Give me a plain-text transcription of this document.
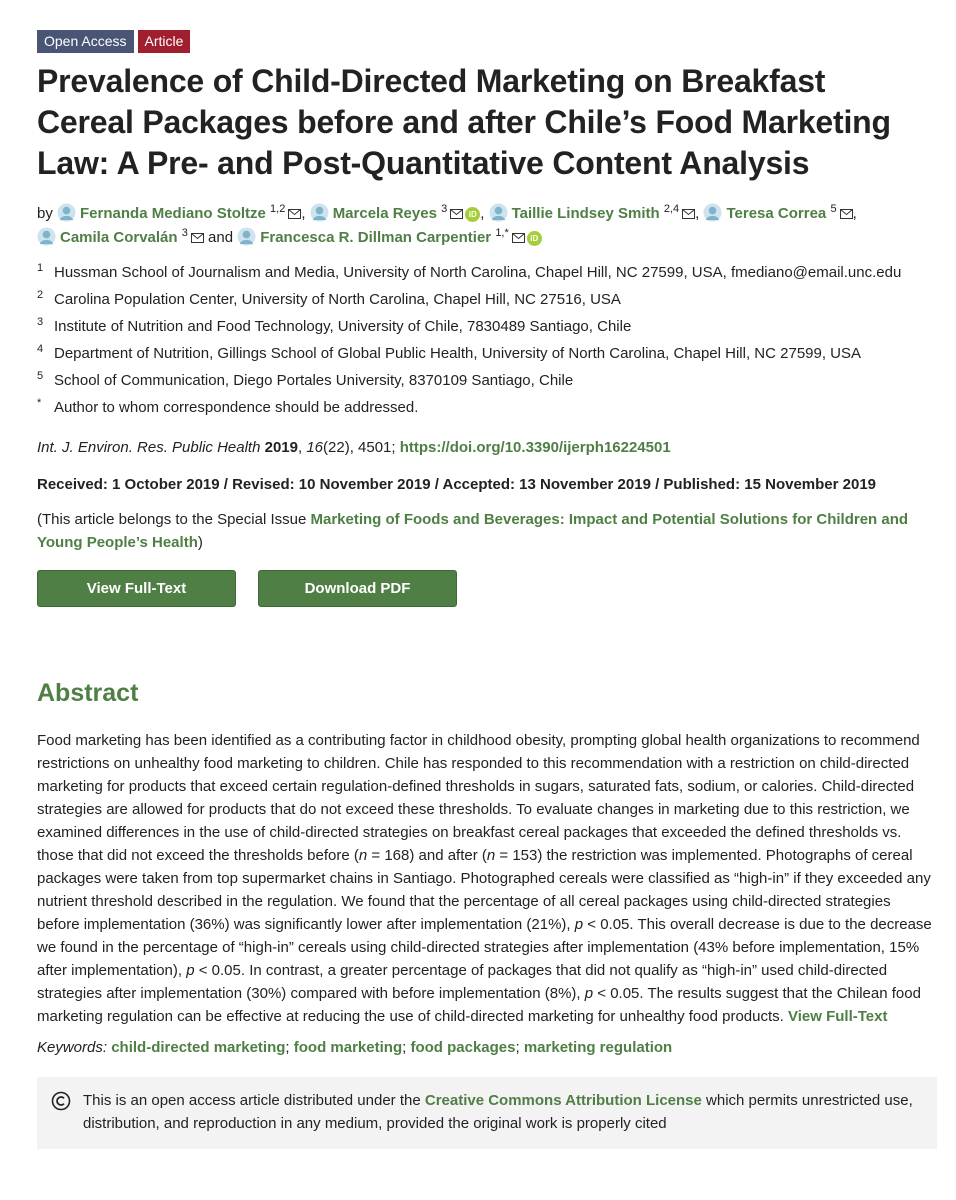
Open Access	Article
Prevalence of Child-Directed Marketing on Breakfast Cereal Packages before and after Chile’s Food Marketing Law: A Pre- and Post-Quantitative Content Analysis
by Fernanda Mediano Stoltze $^{1,2}$ , Marcela Reyes $^3$	iD , Taillie Lindsey Smith $^{2,4}$ , Teresa Correa $^5$ ,
Camila Corvalán $^3$ and Francesca R. Dillman Carpentier $^{1,*}$	iD
1 Hussman School of Journalism and Media, University of North Carolina, Chapel Hill, NC 27599, USA, fmediano@email.unc.edu
2 Carolina Population Center, University of North Carolina, Chapel Hill, NC 27516, USA
3 Institute of Nutrition and Food Technology, University of Chile, 7830489 Santiago, Chile
4 Department of Nutrition, Gillings School of Global Public Health, University of North Carolina, Chapel Hill, NC 27599, USA
5 School of Communication, Diego Portales University, 8370109 Santiago, Chile
* Author to whom correspondence should be addressed.
Int. J. Environ. Res. Public Health 2019, 16(22), 4501; https://doi.org/10.3390/ijerph16224501
Received: 1 October 2019 / Revised: 10 November 2019 / Accepted: 13 November 2019 / Published: 15 November 2019
(This article belongs to the Special Issue Marketing of Foods and Beverages: Impact and Potential Solutions for Children and Young People’s Health)
View Full-Text	Download PDF
Abstract
Food marketing has been identified as a contributing factor in childhood obesity, prompting global health organizations to recommend restrictions on unhealthy food marketing to children. Chile has responded to this recommendation with a restriction on child-directed marketing for products that exceed certain regulation-defined thresholds in sugars, saturated fats, sodium, or calories. Child-directed strategies are allowed for products that do not exceed these thresholds. To evaluate changes in marketing due to this restriction, we examined differences in the use of child-directed strategies on breakfast cereal packages that exceeded the defined thresholds vs. those that did not exceed the thresholds before (n = 168) and after (n = 153) the restriction was implemented. Photographs of cereal packages were taken from top supermarket chains in Santiago. Photographed cereals were classified as “high-in” if they exceeded any nutrient threshold described in the regulation. We found that the percentage of all cereal packages using child-directed strategies before implementation (36%) was significantly lower after implementation (21%), p < 0.05. This overall decrease is due to the decrease we found in the percentage of “high-in” cereals using child-directed strategies after implementation (43% before implementation, 15% after implementation), p < 0.05. In contrast, a greater percentage of packages that did not qualify as “high-in” used child-directed strategies after implementation (30%) compared with before implementation (8%), p < 0.05. The results suggest that the Chilean food marketing regulation can be effective at reducing the use of child-directed marketing for unhealthy food products. View Full-Text
Keywords: child-directed marketing; food marketing; food packages; marketing regulation
This is an open access article distributed under the Creative Commons Attribution License which permits unrestricted use, distribution, and reproduction in any medium, provided the original work is properly cited
